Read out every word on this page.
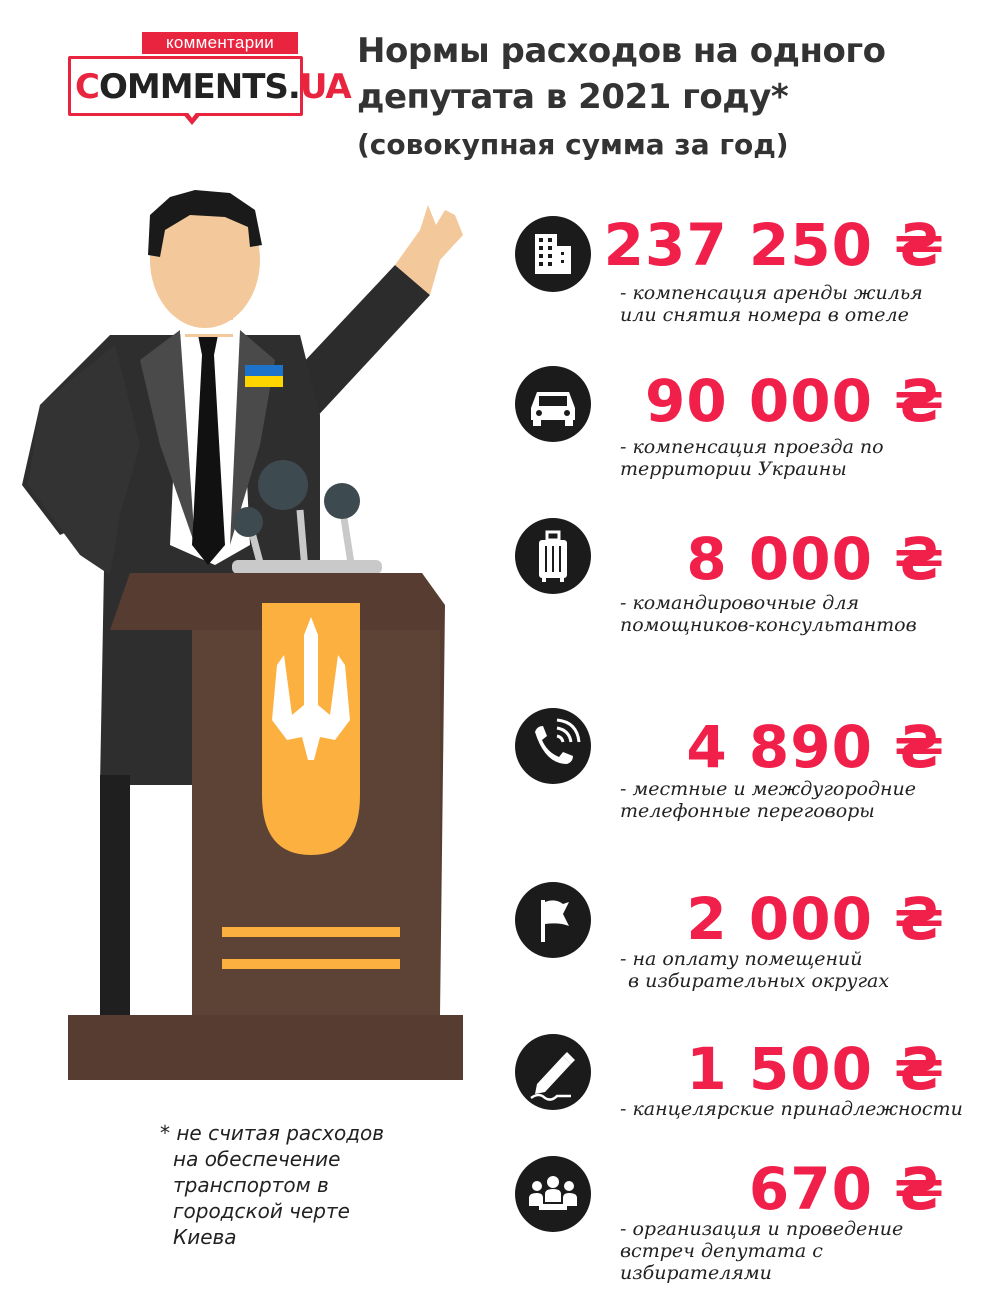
комментарии
COMMENTS.UA
Нормы расходов на одного
депутата в 2021 году*
(совокупная сумма за год)
237 250 ₴
- компенсация аренды жилья
или снятия номера в отеле
90 000 ₴
- компенсация проезда по
территории Украины
8 000 ₴
- командировочные для
помощников-консультантов
4 890 ₴
- местные и междугородние
телефонные переговоры
2 000 ₴
- на оплату помещений
в избирательных округах
1 500 ₴
- канцелярские принадлежности
670 ₴
- организация и проведение
встреч депутата с избирателями
* не считая расходов
на обеспечение
транспортом в
городской черте
Киева
